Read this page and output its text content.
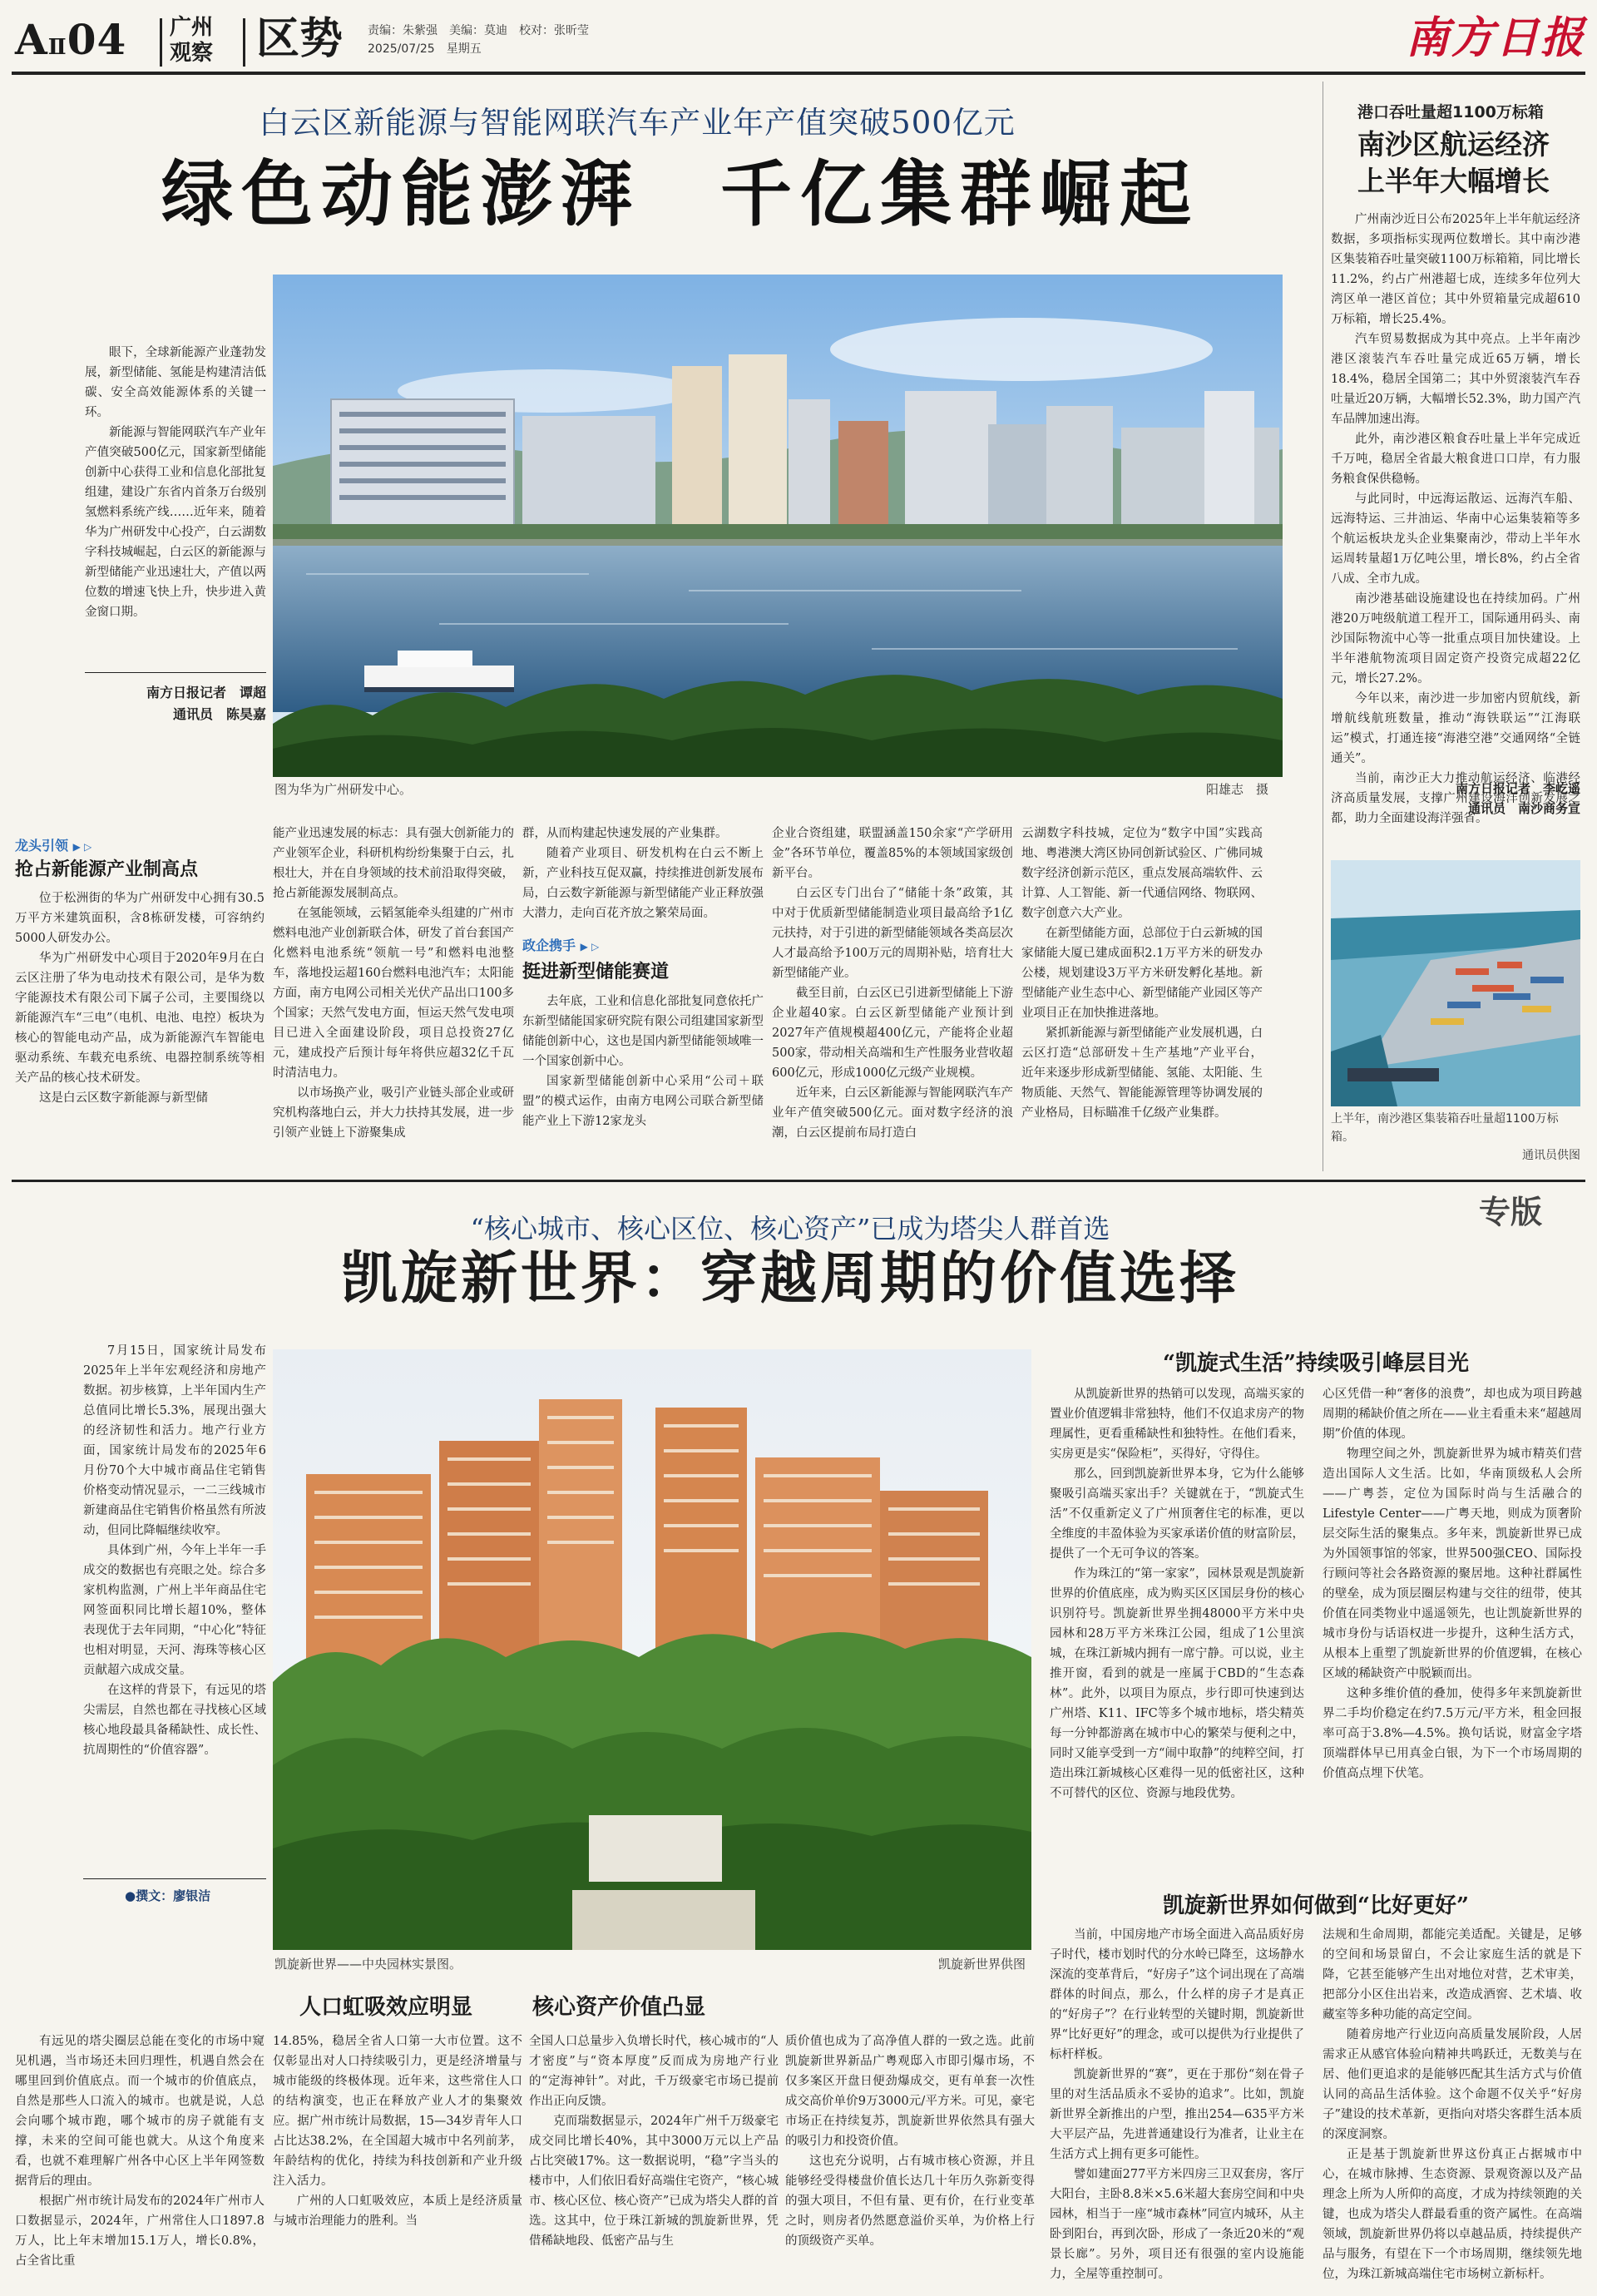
AⅡ04 广州
观察 区势 责编：朱紫强　美编：莫迪　校对：张昕莹
2025/07/25　星期五	南方日报
白云区新能源与智能网联汽车产业年产值突破500亿元
绿色动能澎湃　千亿集群崛起

眼下，全球新能源产业蓬勃发展，新型储能、氢能是构建清洁低碳、安全高效能源体系的关键一环。

新能源与智能网联汽车产业年产值突破500亿元，国家新型储能创新中心获得工业和信息化部批复组建，建设广东省内首条万台级别氢燃料系统产线……近年来，随着华为广州研发中心投产，白云湖数字科技城崛起，白云区的新能源与新型储能产业迅速壮大，产值以两位数的增速飞快上升，快步进入黄金窗口期。

南方日报记者　谭超
通讯员　陈昊嘉
图为华为广州研发中心。	阳雄志　摄
龙头引领 ▶ ▷
抢占新能源产业制高点

位于松洲街的华为广州研发中心拥有30.5万平方米建筑面积，含8栋研发楼，可容纳约5000人研发办公。

华为广州研发中心项目于2020年9月在白云区注册了华为电动技术有限公司，是华为数字能源技术有限公司下属子公司，主要围绕以新能源汽车“三电”（电机、电池、电控）板块为核心的智能电动产品，成为新能源汽车智能电驱动系统、车载充电系统、电器控制系统等相关产品的核心技术研发。

这是白云区数字新能源与新型储

能产业迅速发展的标志：具有强大创新能力的产业领军企业，科研机构纷纷集聚于白云，扎根壮大，并在自身领域的技术前沿取得突破，抢占新能源发展制高点。

在氢能领域，云韬氢能牵头组建的广州市燃料电池产业创新联合体，研发了首台套国产化燃料电池系统“领航一号”和燃料电池整车，落地投运超160台燃料电池汽车；太阳能方面，南方电网公司相关光伏产品出口100多个国家；天然气发电方面，恒运天然气发电项目已进入全面建设阶段，项目总投资27亿元，建成投产后预计每年将供应超32亿千瓦时清洁电力。

以市场换产业，吸引产业链头部企业或研究机构落地白云，并大力扶持其发展，进一步引领产业链上下游聚集成

群，从而构建起快速发展的产业集群。

随着产业项目、研发机构在白云不断上新，产业科技互促双赢，持续推进创新发展布局，白云数字新能源与新型储能产业正释放强大潜力，走向百花齐放之繁荣局面。

政企携手 ▶ ▷
挺进新型储能赛道

去年底，工业和信息化部批复同意依托广东新型储能国家研究院有限公司组建国家新型储能创新中心，这也是国内新型储能领域唯一一个国家创新中心。

国家新型储能创新中心采用“公司＋联盟”的模式运作，由南方电网公司联合新型储能产业上下游12家龙头

企业合资组建，联盟涵盖150余家“产学研用金”各环节单位，覆盖85%的本领域国家级创新平台。

白云区专门出台了“储能十条”政策，其中对于优质新型储能制造业项目最高给予1亿元扶持，对于引进的新型储能领域各类高层次人才最高给予100万元的周期补贴，培育壮大新型储能产业。

截至目前，白云区已引进新型储能上下游企业超40家。白云区新型储能产业预计到2027年产值规模超400亿元，产能将企业超500家，带动相关高端和生产性服务业营收超600亿元，形成1000亿元级产业规模。

近年来，白云区新能源与智能网联汽车产业年产值突破500亿元。面对数字经济的浪潮，白云区提前布局打造白

云湖数字科技城，定位为“数字中国”实践高地、粤港澳大湾区协同创新试验区、广佛同城数字经济创新示范区，重点发展高端软件、云计算、人工智能、新一代通信网络、物联网、数字创意六大产业。

在新型储能方面，总部位于白云新城的国家储能大厦已建成面积2.1万平方米的研发办公楼，规划建设3万平方米研发孵化基地。新型储能产业生态中心、新型储能产业园区等产业项目正在加快推进落地。

紧抓新能源与新型储能产业发展机遇，白云区打造“总部研发＋生产基地”产业平台，近年来逐步形成新型储能、氢能、太阳能、生物质能、天然气、智能能源管理等协调发展的产业格局，目标瞄准千亿级产业集群。

港口吞吐量超1100万标箱
南沙区航运经济
上半年大幅增长

广州南沙近日公布2025年上半年航运经济数据，多项指标实现两位数增长。其中南沙港区集装箱吞吐量突破1100万标箱箱，同比增长11.2%，约占广州港超七成，连续多年位列大湾区单一港区首位；其中外贸箱量完成超610万标箱，增长25.4%。

汽车贸易数据成为其中亮点。上半年南沙港区滚装汽车吞吐量完成近65万辆，增长18.4%，稳居全国第二；其中外贸滚装汽车吞吐量近20万辆，大幅增长52.3%，助力国产汽车品牌加速出海。

此外，南沙港区粮食吞吐量上半年完成近千万吨，稳居全省最大粮食进口口岸，有力服务粮食保供稳畅。

与此同时，中远海运散运、远海汽车船、远海特运、三井油运、华南中心运集装箱等多个航运板块龙头企业集聚南沙，带动上半年水运周转量超1万亿吨公里，增长8%，约占全省八成、全市九成。

南沙港基础设施建设也在持续加码。广州港20万吨级航道工程开工，国际通用码头、南沙国际物流中心等一批重点项目加快建设。上半年港航物流项目固定资产投资完成超22亿元，增长27.2%。

今年以来，南沙进一步加密内贸航线，新增航线航班数量，推动“海铁联运”“江海联运”模式，打通连接“海港空港”交通网络“全链通关”。

当前，南沙正大力推动航运经济、临港经济高质量发展，支撑广州建设海洋创新发展之都，助力全面建设海洋强省。

南方日报记者　李屹遥
通讯员　南沙商务宣
上半年，南沙港区集装箱吞吐量超1100万标箱。
通讯员供图
专版
“核心城市、核心区位、核心资产”已成为塔尖人群首选
凯旋新世界：穿越周期的价值选择

7月15日，国家统计局发布2025年上半年宏观经济和房地产数据。初步核算，上半年国内生产总值同比增长5.3%，展现出强大的经济韧性和活力。地产行业方面，国家统计局发布的2025年6月份70个大中城市商品住宅销售价格变动情况显示，一二三线城市新建商品住宅销售价格虽然有所波动，但同比降幅继续收窄。

具体到广州，今年上半年一手成交的数据也有亮眼之处。综合多家机构监测，广州上半年商品住宅网签面积同比增长超10%，整体表现优于去年同期，“中心化”特征也相对明显，天河、海珠等核心区贡献超六成成交量。

在这样的背景下，有远见的塔尖需层，自然也都在寻找核心区域核心地段最具备稀缺性、成长性、抗周期性的“价值容器”。

●撰文：廖银洁
凯旋新世界——中央园林实景图。	凯旋新世界供图
“凯旋式生活”持续吸引峰层目光

从凯旋新世界的热销可以发现，高端买家的置业价值逻辑非常独特，他们不仅追求房产的物理属性，更看重稀缺性和独特性。在他们看来，实房更是实“保险柜”，买得好，守得住。

那么，回到凯旋新世界本身，它为什么能够聚吸引高端买家出手？关键就在于，“凯旋式生活”不仅重新定义了广州顶奢住宅的标准，更以全维度的丰盈体验为买家承诺价值的财富阶层，提供了一个无可争议的答案。

作为珠江的“第一家家”，园林景观是凯旋新世界的价值底座，成为购买区区国层身份的核心识别符号。凯旋新世界坐拥48000平方米中央园林和28万平方米珠江公园，组成了1公里滨城，在珠江新城内拥有一席宁静。可以说，业主推开窗，看到的就是一座属于CBD的“生态森林”。此外，以项目为原点，步行即可快速到达广州塔、K11、IFC等多个城市地标，塔尖精英每一分钟都游离在城市中心的繁荣与便利之中，同时又能享受到一方“闹中取静”的纯粹空间，打造出珠江新城核心区难得一见的低密社区，这种不可替代的区位、资源与地段优势。

心区凭借一种“奢侈的浪费”，却也成为项目跨越周期的稀缺价值之所在——业主看重未来“超越周期”价值的体现。

物理空间之外，凯旋新世界为城市精英们营造出国际人文生活。比如，华南顶级私人会所——广粤荟，定位为国际时尚与生活融合的Lifestyle Center——广粤天地，则成为顶奢阶层交际生活的聚集点。多年来，凯旋新世界已成为外国领事馆的邻家，世界500强CEO、国际投行顾问等社会各路资源的聚居地。这种社群属性的壁垒，成为顶层圈层构建与交往的纽带，使其价值在同类物业中遥遥领先，也让凯旋新世界的城市身份与话语权进一步提升，这种生活方式，从根本上重塑了凯旋新世界的价值逻辑，在核心区域的稀缺资产中脱颖而出。

这种多维价值的叠加，使得多年来凯旋新世界二手均价稳定在约7.5万元/平方米，租金回报率可高于3.8%—4.5%。换句话说，财富金字塔顶端群体早已用真金白银，为下一个市场周期的价值高点埋下伏笔。

凯旋新世界如何做到“比好更好”

当前，中国房地产市场全面进入高品质好房子时代，楼市划时代的分水岭已降至，这场静水深流的变革背后，“好房子”这个词出现在了高端群体的时间点，那么，什么样的房子才是真正的“好房子”？在行业转型的关键时期，凯旋新世界“比好更好”的理念，或可以提供为行业提供了标杆样板。

凯旋新世界的“赛”，更在于那份“刻在骨子里的对生活品质永不妥协的追求”。比如，凯旋新世界全新推出的户型，推出254—635平方米大平层产品，先进普通建设行为准者，让业主在生活方式上拥有更多可能性。

譬如建面277平方米四房三卫双套房，客厅大阳台，主卧8.8米×5.6米超大套房空间和中央园林，相当于一座“城市森林”同宣内城环，从主卧到阳台，再到次卧，形成了一条近20米的“观景长廊”。另外，项目还有很强的室内设施能力，全屋等重控制可。

法规和生命周期，都能完美适配。关键是，足够的空间和场景留白，不会让家庭生活的就是下降，它甚至能够产生出对地位对营，艺术审美，把部分小区住出岩来，改造成酒窖、艺术墙、收藏室等多种功能的高定空间。

随着房地产行业迈向高质量发展阶段，人居需求正从感官体验向精神共鸣跃迁，无数美与在居、他们更追求的是能够匹配其生活方式与价值认同的高品生活体验。这个命题不仅关乎“好房子”建设的技术革新，更指向对塔尖客群生活本质的深度洞察。

正是基于凯旋新世界这份真正占据城市中心，在城市脉搏、生态资源、景观资源以及产品理念上所为人所仰的高度，才成为持续领跑的关键，也成为塔尖人群最看重的资产属性。在高端领域，凯旋新世界仍将以卓越品质，持续提供产品与服务，有望在下一个市场周期，继续领先地位，为珠江新城高端住宅市场树立新标杆。

人口虹吸效应明显	核心资产价值凸显

有远见的塔尖圈层总能在变化的市场中窥见机遇，当市场还未回归理性，机遇自然会在哪里回到价值底点。而一个城市的价值底点，自然是那些人口流入的城市。也就是说，人总会向哪个城市跑，哪个城市的房子就能有支撑，未来的空间可能也就大。从这个角度来看，也就不难理解广州各中心区上半年网签数据背后的理由。

根据广州市统计局发布的2024年广州市人口数据显示，2024年，广州常住人口1897.8万人，比上年末增加15.1万人，增长0.8%，占全省比重

14.85%，稳居全省人口第一大市位置。这不仅彰显出对人口持续吸引力，更是经济增量与城市能级的终极体现。近年来，这些常住人口的结构演变，也正在释放产业人才的集聚效应。据广州市统计局数据，15—34岁青年人口占比达38.2%，在全国超大城市中名列前茅，年龄结构的优化，持续为科技创新和产业升级注入活力。

广州的人口虹吸效应，本质上是经济质量与城市治理能力的胜利。当

全国人口总量步入负增长时代，核心城市的“人才密度”与“资本厚度”反而成为房地产行业的“定海神针”。对此，千万级豪宅市场已提前作出正向反馈。

克而瑞数据显示，2024年广州千万级豪宅成交同比增长40%，其中3000万元以上产品占比突破17%。这一数据说明，“稳”字当头的楼市中，人们依旧看好高端住宅资产，“核心城市、核心区位、核心资产”已成为塔尖人群的首选。这其中，位于珠江新城的凯旋新世界，凭借稀缺地段、低密产品与生

质价值也成为了高净值人群的一致之选。此前凯旋新世界新品广粤观邸入市即引爆市场，不仅多案区开盘日便劲爆成交，更有单套一次性成交高价单价9万3000元/平方米。可见，豪宅市场正在持续复苏，凯旋新世界依然具有强大的吸引力和投资价值。

这也充分说明，占有城市核心资源，并且能够经受得楼盘价值长达几十年历久弥新变得的强大项目，不但有量、更有价，在行业变革之时，则房者仍然愿意溢价买单，为价格上行的顶级资产买单。
